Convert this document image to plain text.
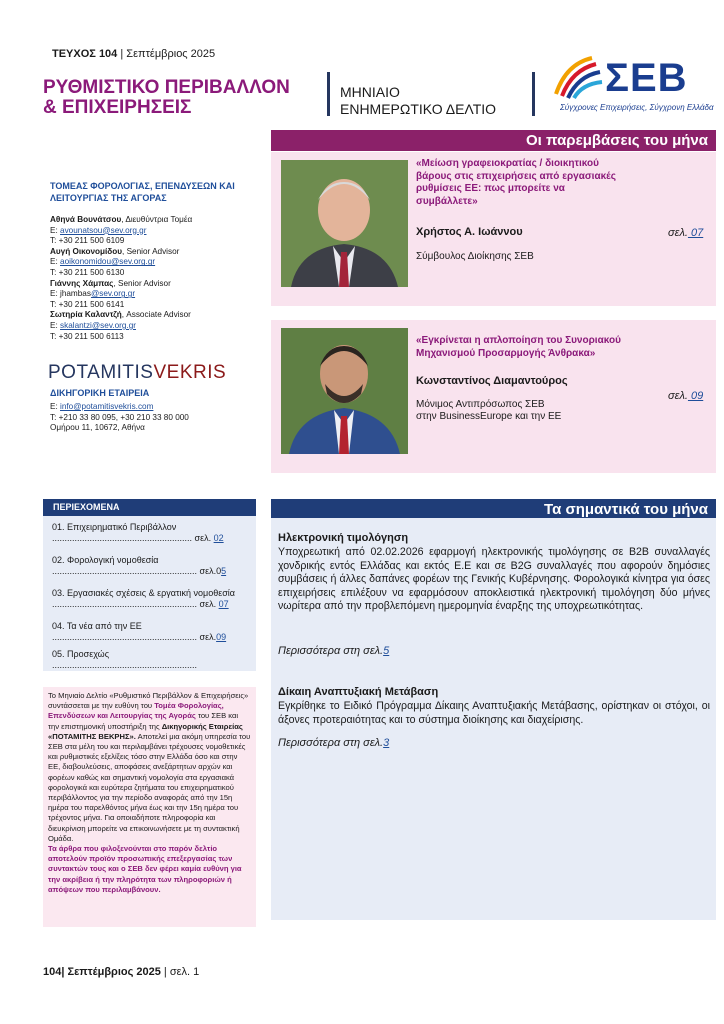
ΤΕΥΧΟΣ 104 | Σεπτέμβριος 2025
ΡΥΘΜΙΣΤΙΚΟ ΠΕΡΙΒΑΛΛΟΝ
& ΕΠΙΧΕΙΡΗΣΕΙΣ
ΜΗΝΙΑΙΟ
ΕΝΗΜΕΡΩΤΙΚΟ ΔΕΛΤΙΟ
ΣΕΒ
Σύγχρονες Επιχειρήσεις, Σύγχρονη Ελλάδα
Οι παρεμβάσεις του μήνα
ΤΟΜΕΑΣ ΦΟΡΟΛΟΓΙΑΣ, ΕΠΕΝΔΥΣΕΩΝ ΚΑΙ ΛΕΙΤΟΥΡΓΙΑΣ ΤΗΣ ΑΓΟΡΑΣ
Αθηνά Βουνάτσου, Διευθύντρια Τομέα
E: avounatsou@sev.org.gr
T: +30 211 500 6109
Αυγή Οικονομίδου, Senior Advisor
E: aoikonomidou@sev.org.gr
T: +30 211 500 6130
Γιάννης Χάμπας, Senior Advisor
E: jhambas@sev.org.gr
T: +30 211 500 6141
Σωτηρία Καλαντζή, Associate Advisor
E: skalantzi@sev.org.gr
T: +30 211 500 6113
POTAMITISVEKRIS
ΔΙΚΗΓΟΡΙΚΗ ΕΤΑΙΡΕΙΑ
E: info@potamitisvekris.com
T: +210 33 80 095, +30 210 33 80 000
Ομήρου 11, 10672, Αθήνα
«Μείωση γραφειοκρατίας / διοικητικού
βάρους στις επιχειρήσεις από εργασιακές
ρυθμίσεις ΕΕ: πως μπορείτε να
συμβάλλετε»
Χρήστος Α. Ιωάννου
Σύμβουλος Διοίκησης ΣΕΒ
σελ. 07
«Εγκρίνεται η απλοποίηση του Συνοριακού
Μηχανισμού Προσαρμογής Άνθρακα»
Κωνσταντίνος Διαμαντούρος
Μόνιμος Αντιπρόσωπος ΣΕΒ
στην BusinessEurope και την ΕΕ
σελ. 09
ΠΕΡΙΕΧΟΜΕΝΑ
01. Επιχειρηματικό Περιβάλλον
........................................................ σελ. 02
02. Φορολογική νομοθεσία
.......................................................... σελ.05
03. Εργασιακές σχέσεις & εργατική νομοθεσία
.......................................................... σελ. 07
04. Τα νέα από την ΕΕ
.......................................................... σελ.09
05. Προσεχώς
..........................................................
Το Μηνιαίο Δελτίο «Ρυθμιστικό Περιβάλλον & Επιχειρήσεις» συντάσσεται με την ευθύνη του Τομέα Φορολογίας, Επενδύσεων και Λειτουργίας της Αγοράς του ΣΕΒ και την επιστημονική υποστήριξη της Δικηγορικής Εταιρείας «ΠΟΤΑΜΙΤΗΣ ΒΕΚΡΗΣ». Αποτελεί μια ακόμη υπηρεσία του ΣΕΒ στα μέλη του και περιλαμβάνει τρέχουσες νομοθετικές και ρυθμιστικές εξελίξεις τόσο στην Ελλάδα όσο και στην ΕΕ, διαβουλεύσεις, αποφάσεις ανεξάρτητων αρχών και φορέων καθώς και σημαντική νομολογία στα εργασιακά φορολογικά και ευρύτερα ζητήματα του επιχειρηματικού περιβάλλοντος για την περίοδο αναφοράς από την 15η ημέρα του παρελθόντος μήνα έως και την 15η ημέρα του τρέχοντος μήνα. Για οποιαδήποτε πληροφορία και διευκρίνιση μπορείτε να επικοινωνήσετε με τη συντακτική Ομάδα.
Τα άρθρα που φιλοξενούνται στο παρόν δελτίο αποτελούν προϊόν προσωπικής επεξεργασίας των συντακτών τους και ο ΣΕΒ δεν φέρει καμία ευθύνη για την ακρίβεια ή την πληρότητα των πληροφοριών ή απόψεων που περιλαμβάνουν.
Τα σημαντικά του μήνα
Ηλεκτρονική τιμολόγηση
Υποχρεωτική από 02.02.2026 εφαρμογή ηλεκτρονικής τιμολόγησης σε Β2Β συναλλαγές χονδρικής εντός Ελλάδας και εκτός Ε.Ε και σε Β2G συναλλαγές που αφορούν δημόσιες συμβάσεις ή άλλες δαπάνες φορέων της Γενικής Κυβέρνησης. Φορολογικά κίνητρα για όσες επιχειρήσεις επιλέξουν να εφαρμόσουν αποκλειστικά ηλεκτρονική τιμολόγηση δύο μήνες νωρίτερα από την προβλεπόμενη ημερομηνία έναρξης της υποχρεωτικότητας.
Περισσότερα στη σελ.5
Δίκαιη Αναπτυξιακή Μετάβαση
Εγκρίθηκε το Ειδικό Πρόγραμμα Δίκαιης Αναπτυξιακής Μετάβασης, ορίστηκαν οι στόχοι, οι άξονες προτεραιότητας και το σύστημα διοίκησης και διαχείρισης.
Περισσότερα στη σελ.3
104| Σεπτέμβριος 2025 | σελ. 1
